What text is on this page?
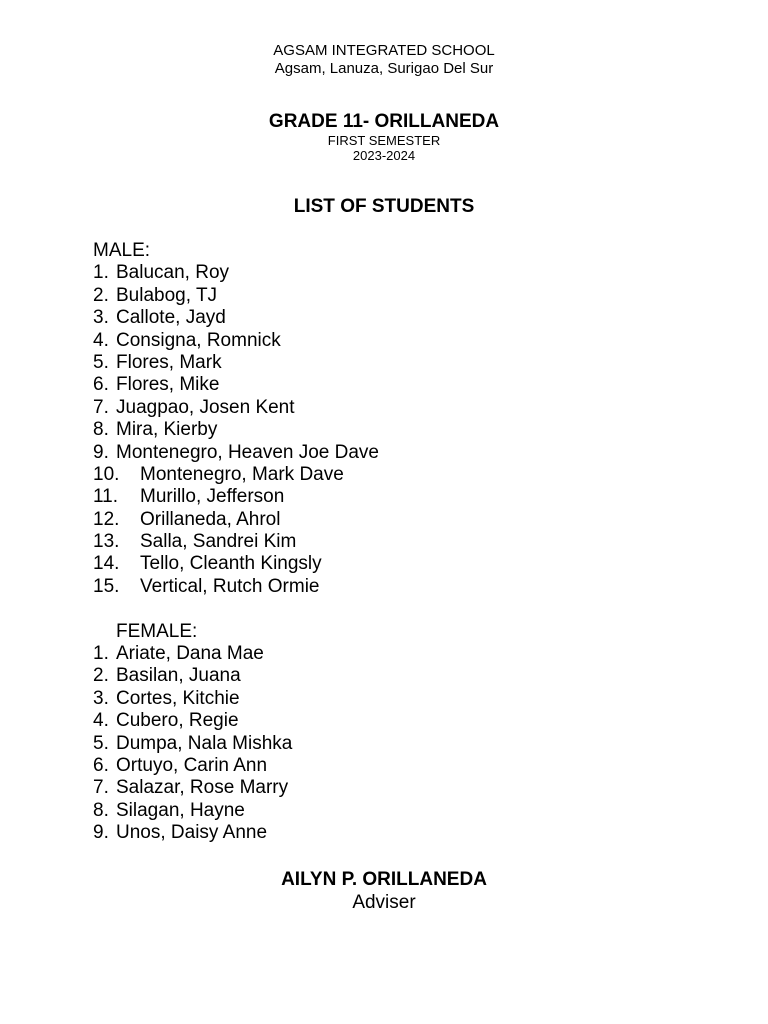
AGSAM INTEGRATED SCHOOL
Agsam, Lanuza, Surigao Del Sur
GRADE 11- ORILLANEDA
FIRST SEMESTER
2023-2024
LIST OF STUDENTS
MALE:
1. Balucan, Roy
2. Bulabog, TJ
3. Callote, Jayd
4. Consigna, Romnick
5. Flores, Mark
6. Flores, Mike
7. Juagpao, Josen Kent
8. Mira, Kierby
9. Montenegro, Heaven Joe Dave
10.	Montenegro, Mark Dave
11.	Murillo, Jefferson
12.	Orillaneda, Ahrol
13.	Salla, Sandrei Kim
14.	Tello, Cleanth Kingsly
15.	Vertical, Rutch Ormie
FEMALE:
1. Ariate, Dana Mae
2. Basilan, Juana
3. Cortes, Kitchie
4. Cubero, Regie
5. Dumpa, Nala Mishka
6. Ortuyo, Carin Ann
7. Salazar, Rose Marry
8. Silagan, Hayne
9. Unos, Daisy Anne
AILYN P. ORILLANEDA
Adviser
